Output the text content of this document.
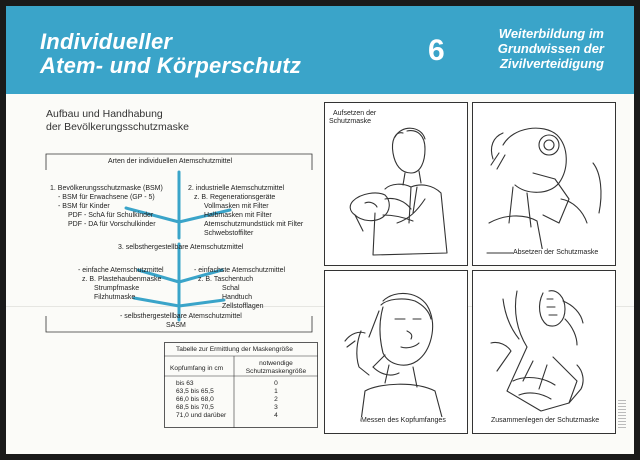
Individueller
Atem- und Körperschutz	6
Weiterbildung im
Grundwissen der
Zivilverteidigung
Aufbau und Handhabung
der Bevölkerungsschutzmaske
Arten der individuellen Atemschutzmittel
1. Bevölkerungsschutzmaske (BSM)
- BSM für Erwachsene (GP - 5)
- BSM für Kinder
PDF - SchA für Schulkinder
PDF - DA für Vorschulkinder
2. industrielle Atemschutzmittel
z. B. Regenerationsgeräte
Vollmasken mit Filter
Halbmasken mit Filter
Atemschutzmundstück mit Filter
Schwebstoffilter
3. selbsthergestellbare Atemschutzmittel
- einfache Atemschutzmittel
z. B. Plastehaubenmaske
Strumpfmaske
Filzhutmaske
- einfachste Atemschutzmittel
z. B. Taschentuch
Schal
Handtuch
Zellstofflagen
- selbsthergestellbare Atemschutzmittel
SASM
Tabelle zur Ermittlung der Maskengröße
Kopfumfang in cm
notwendige
Schutzmaskengröße
bis 63
63,5 bis 65,5
66,0 bis 68,0
68,5 bis 70,5
71,0 und darüber
0
1
2
3
4
Aufsetzen der
Schutzmaske
Absetzen der Schutzmaske
Messen des Kopfumfanges	Zusammenlegen der Schutzmaske
